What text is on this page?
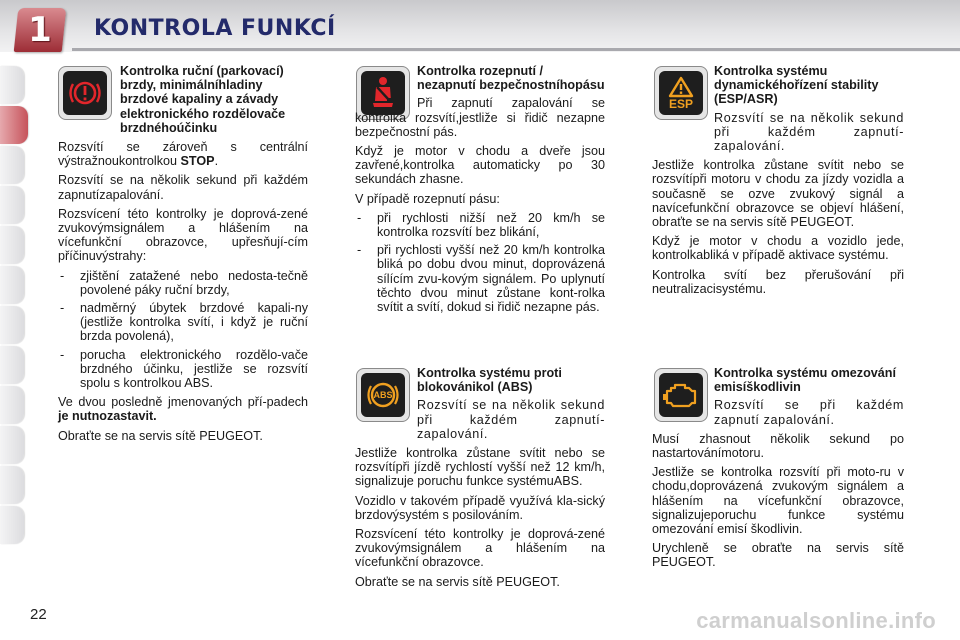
1	KONTROLA FUNKCÍ
ESP
ABS

Kontrolka ruční (parkovací) brzdy, minimálníhladiny brzdové kapaliny a závady elektronického rozdělovače brzdnéhoúčinku

Rozsvítí se zároveň s centrální výstražnoukontrolkou STOP.

Rozsvítí se na několik sekund při každém zapnutízapalování.

Rozsvícení této kontrolky je doprová-zené zvukovýmsignálem a hlášením na vícefunkční obrazovce, upřesňují-cím příčinuvýstrahy:

- zjištění zatažené nebo nedosta-tečně povolené páky ruční brzdy,
- nadměrný úbytek brzdové kapali-ny (jestliže kontrolka svítí, i když je ruční brzda povolená),
- porucha elektronického rozdělo-vače brzdného účinku, jestliže se rozsvítí spolu s kontrolkou ABS.

Ve dvou posledně jmenovaných pří-padech je nutnozastavit.

Obraťte se na servis sítě PEUGEOT.

Kontrolka rozepnutí / nezapnutí bezpečnostníhopásu

Při zapnutí zapalování se kontrolka rozsvítí,jestliže si řidič nezapne bezpečnostní pás.

Když je motor v chodu a dveře jsou zavřené,kontrolka automaticky po 30 sekundách zhasne.

V případě rozepnutí pásu:

- při rychlosti nižší než 20 km/h se kontrolka rozsvítí bez blikání,
- při rychlosti vyšší než 20 km/h kontrolka bliká po dobu dvou minut, doprovázená sílícím zvu-kovým signálem. Po uplynutí těchto dvou minut zůstane kont-rolka svítit a svítí, dokud si řidič nezapne pás.

Kontrolka systému dynamickéhořízení stability (ESP/ASR)

Rozsvítí se na několik sekund při každém zapnutí-zapalování.

Jestliže kontrolka zůstane svítit nebo se rozsvítípři motoru v chodu za jízdy vozidla a současně se ozve zvukový signál a navícefunkční obrazovce se objeví hlášení, obraťte se na servis sítě PEUGEOT.

Když je motor v chodu a vozidlo jede, kontrolkabliká v případě aktivace systému.

Kontrolka svítí bez přerušování při neutralizacisystému.

Kontrolka systému proti blokovánikol (ABS)

Rozsvítí se na několik sekund při každém zapnutí-zapalování.

Jestliže kontrolka zůstane svítit nebo se rozsvítípři jízdě rychlostí vyšší než 12 km/h, signalizuje poruchu funkce systémuABS.

Vozidlo v takovém případě využívá kla-sický brzdovýsystém s posilováním.

Rozsvícení této kontrolky je doprová-zené zvukovýmsignálem a hlášením na vícefunkční obrazovce.

Obraťte se na servis sítě PEUGEOT.

Kontrolka systému omezování emisíškodlivin

Rozsvítí se při každém zapnutí zapalování.

Musí zhasnout několik sekund po nastartovánímotoru.

Jestliže se kontrolka rozsvítí při moto-ru v chodu,doprovázená zvukovým signálem a hlášením na vícefunkční obrazovce, signalizujeporuchu funkce systému omezování emisí škodlivin.

Urychleně se obraťte na servis sítě PEUGEOT.

22	carmanualsonline.info
